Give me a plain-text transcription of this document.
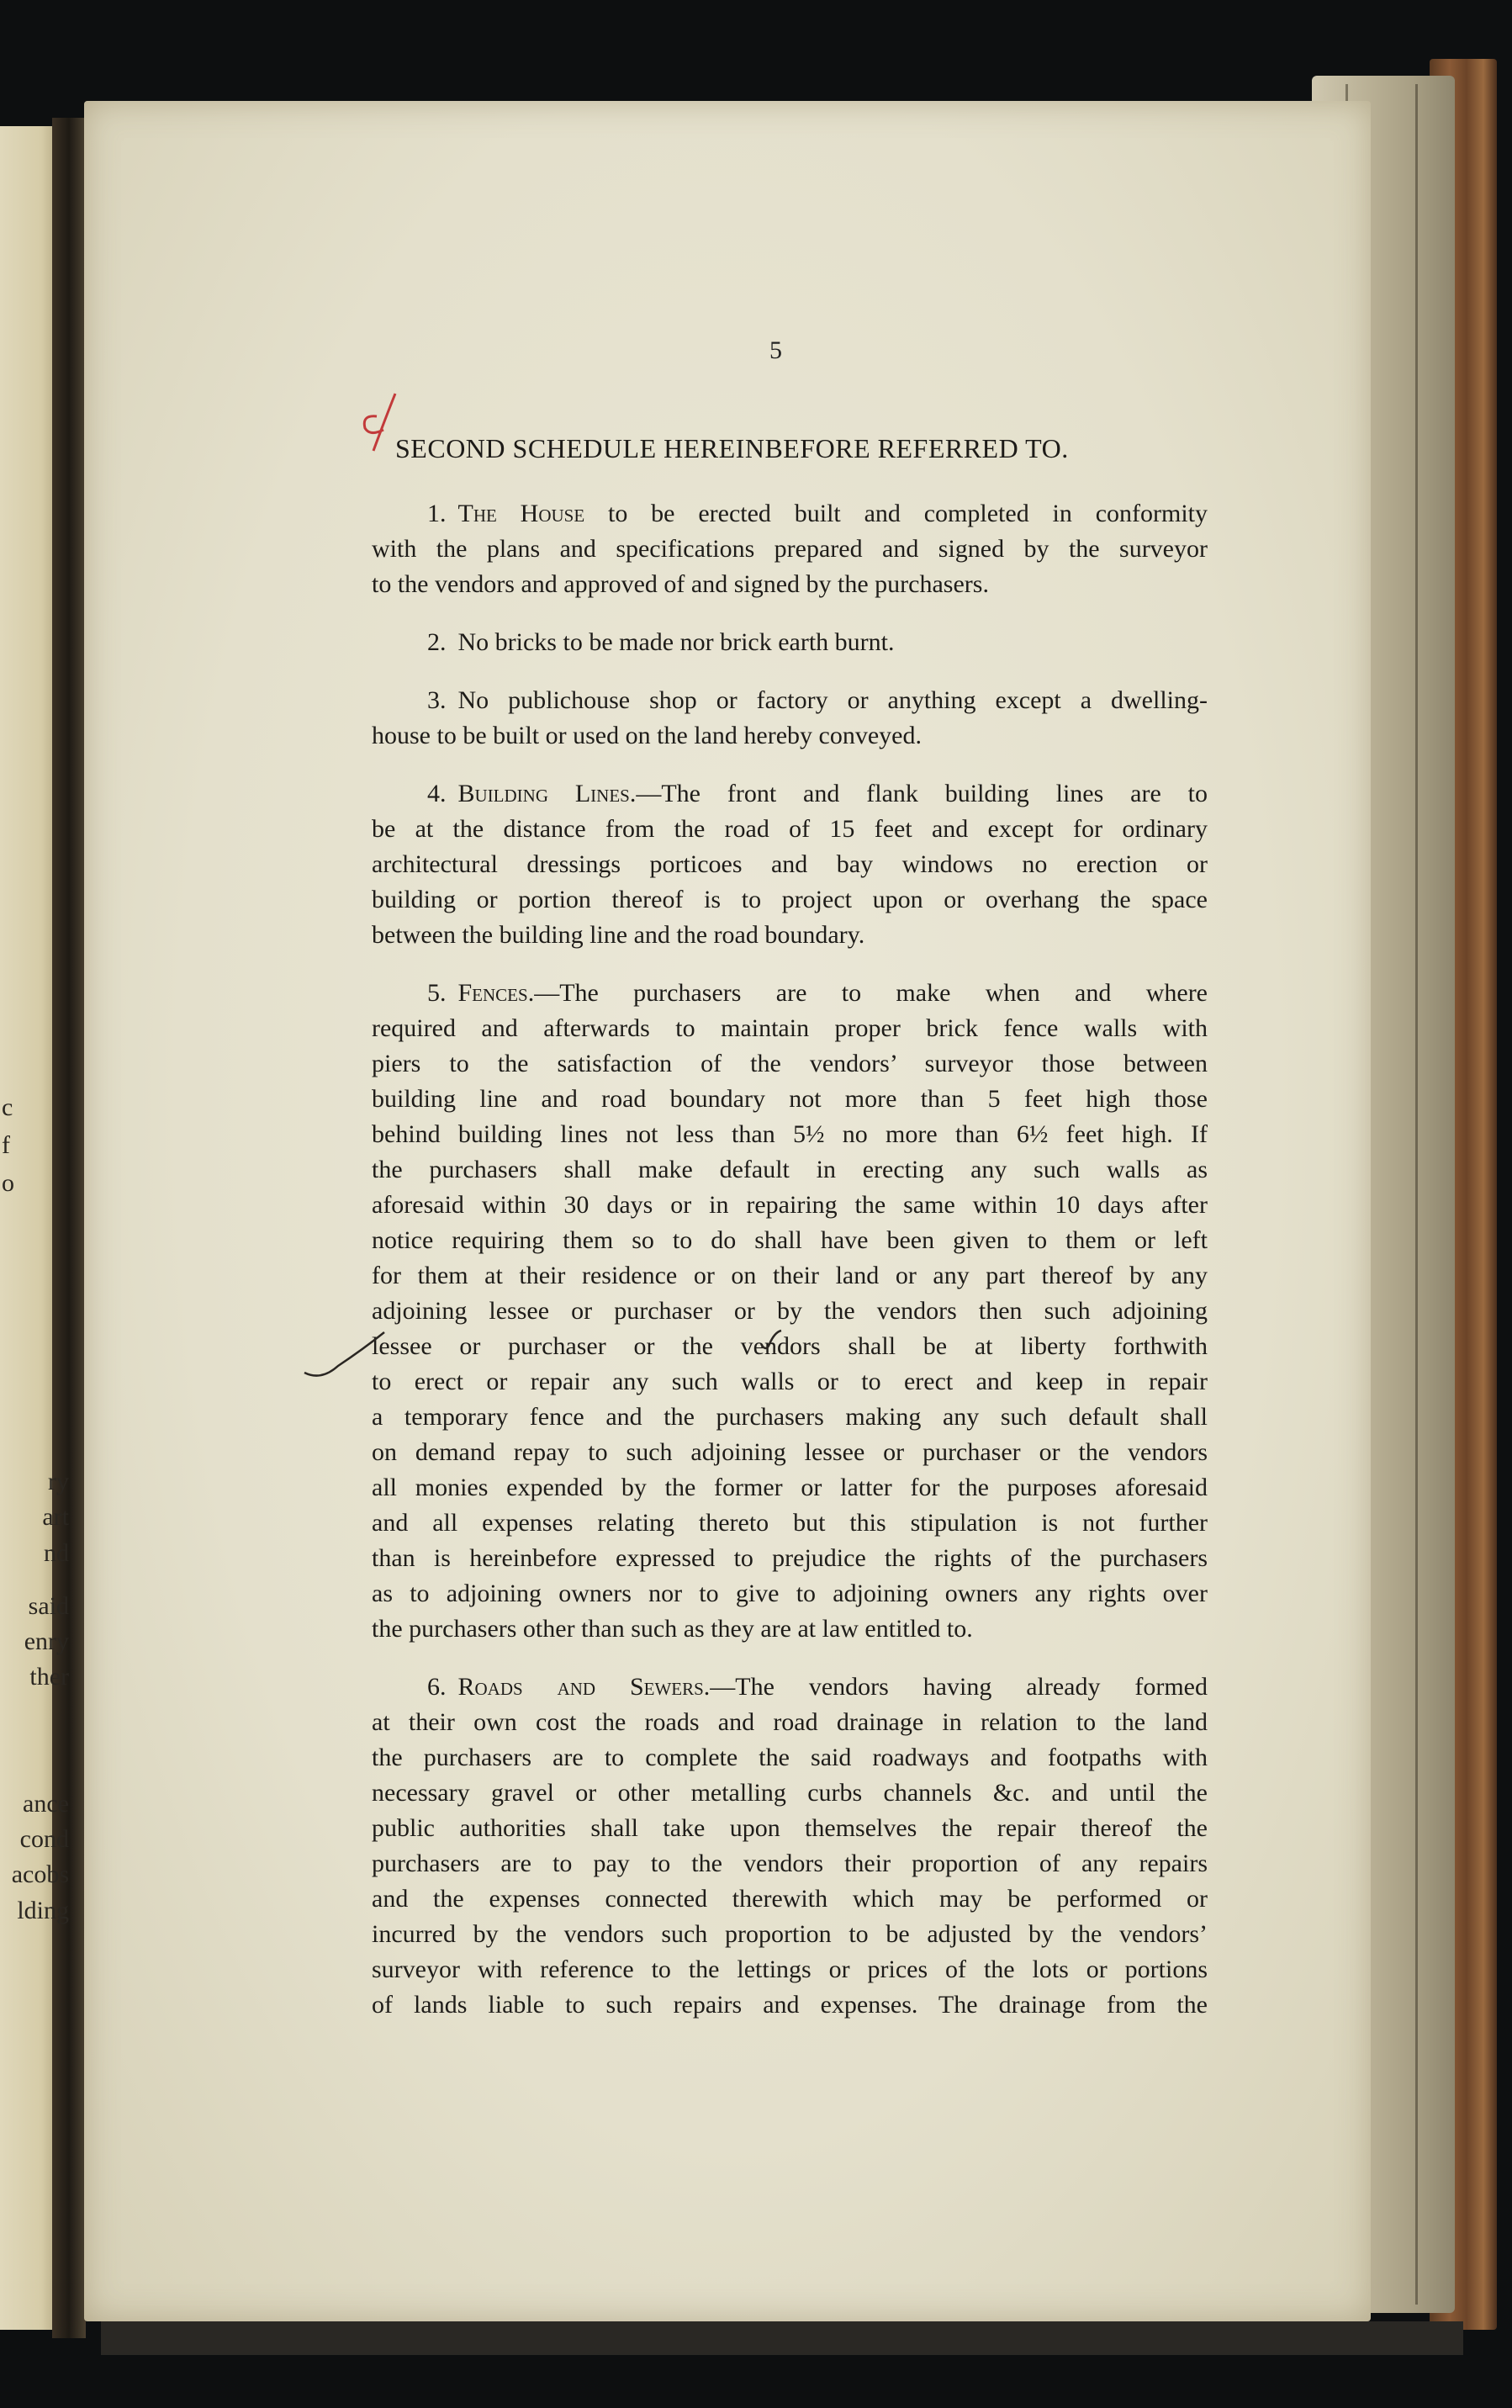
5
SECOND SCHEDULE HEREINBEFORE REFERRED TO.
1. The House to be erected built and completed in conformity
with the plans and specifications prepared and signed by the surveyor
to the vendors and approved of and signed by the purchasers.
2. No bricks to be made nor brick earth burnt.
3. No publichouse shop or factory or anything except a dwelling-
house to be built or used on the land hereby conveyed.
4. Building Lines.—The front and flank building lines are to
be at the distance from the road of 15 feet and except for ordinary
architectural dressings porticoes and bay windows no erection or
building or portion thereof is to project upon or overhang the space
between the building line and the road boundary.
5. Fences.—The purchasers are to make when and where
required and afterwards to maintain proper brick fence walls with
piers to the satisfaction of the vendors’ surveyor those between
building line and road boundary not more than 5 feet high those
behind building lines not less than 5½ no more than 6½ feet high. If
the purchasers shall make default in erecting any such walls as
aforesaid within 30 days or in repairing the same within 10 days after
notice requiring them so to do shall have been given to them or left
for them at their residence or on their land or any part thereof by any
adjoining lessee or purchaser or by the vendors then such adjoining
lessee or purchaser or the vendors shall be at liberty forthwith
to erect or repair any such walls or to erect and keep in repair
a temporary fence and the purchasers making any such default shall
on demand repay to such adjoining lessee or purchaser or the vendors
all monies expended by the former or latter for the purposes aforesaid
and all expenses relating thereto but this stipulation is not further
than is hereinbefore expressed to prejudice the rights of the purchasers
as to adjoining owners nor to give to adjoining owners any rights over
the purchasers other than such as they are at law entitled to.
6. Roads and Sewers.—The vendors having already formed
at their own cost the roads and road drainage in relation to the land
the purchasers are to complete the said roadways and footpaths with
necessary gravel or other metalling curbs channels &c. and until the
public authorities shall take upon themselves the repair thereof the
purchasers are to pay to the vendors their proportion of any repairs
and the expenses connected therewith which may be performed or
incurred by the vendors such proportion to be adjusted by the vendors’
surveyor with reference to the lettings or prices of the lots or portions
of lands liable to such repairs and expenses. The drainage from the
c
f
o
ry
art
nd
said
enry
ther
ance
cond
acobs
lding
